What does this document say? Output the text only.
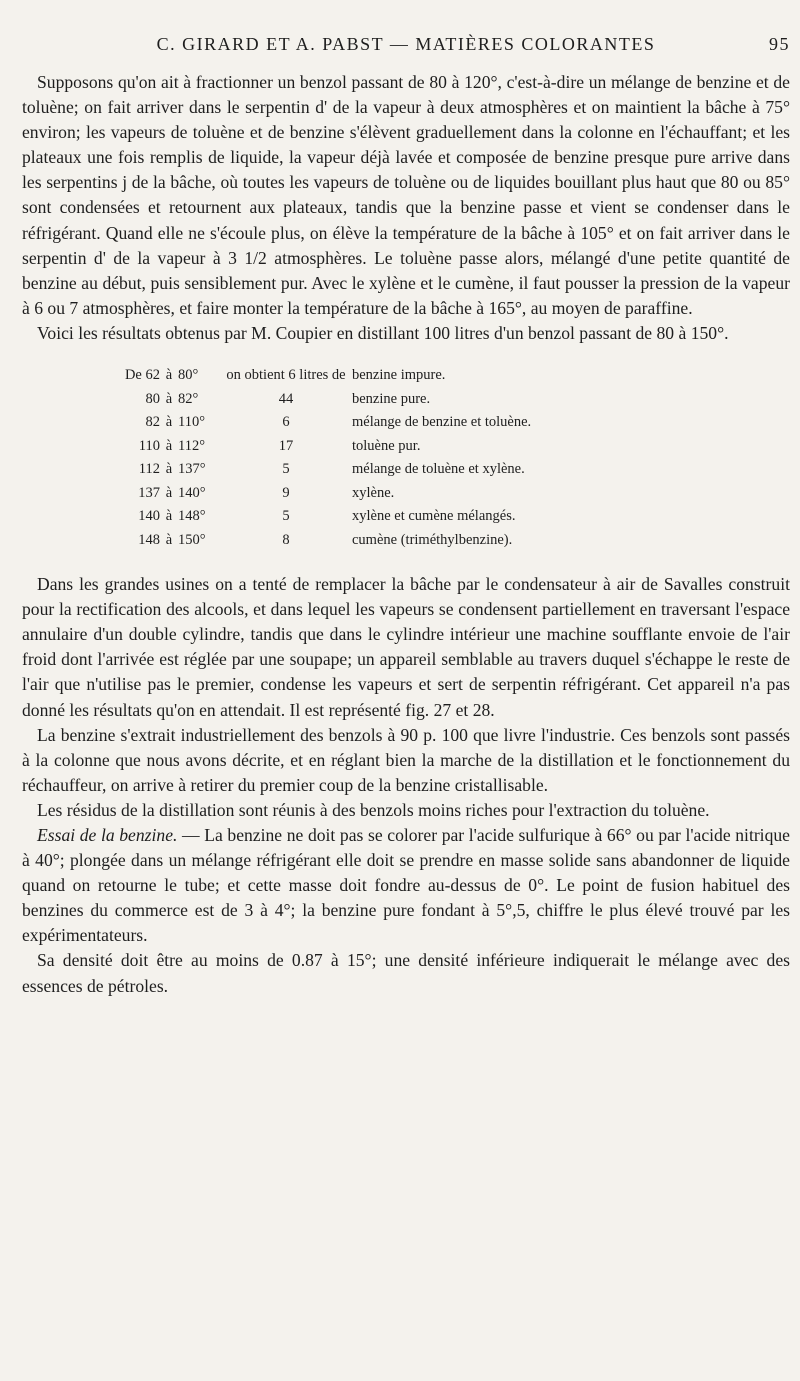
C. GIRARD ET A. PABST — MATIÈRES COLORANTES	95

Supposons qu'on ait à fractionner un benzol passant de 80 à 120°, c'est-à-dire un mélange de benzine et de toluène; on fait arriver dans le serpentin d' de la vapeur à deux atmosphères et on maintient la bâche à 75° environ; les vapeurs de toluène et de benzine s'élèvent graduellement dans la colonne en l'échauffant; et les plateaux une fois remplis de liquide, la vapeur déjà lavée et composée de benzine presque pure arrive dans les serpentins j de la bâche, où toutes les vapeurs de toluène ou de liquides bouillant plus haut que 80 ou 85° sont condensées et retournent aux plateaux, tandis que la benzine passe et vient se condenser dans le réfrigérant. Quand elle ne s'écoule plus, on élève la température de la bâche à 105° et on fait arriver dans le serpentin d' de la vapeur à 3 1/2 atmosphères. Le toluène passe alors, mélangé d'une petite quantité de benzine au début, puis sensiblement pur. Avec le xylène et le cumène, il faut pousser la pression de la vapeur à 6 ou 7 atmosphères, et faire monter la température de la bâche à 165°, au moyen de paraffine.

Voici les résultats obtenus par M. Coupier en distillant 100 litres d'un benzol passant de 80 à 150°.

De 62	à	80°	on obtient 6 litres de	benzine impure.
80	à	82°	44	benzine pure.
82	à	110°	6	mélange de benzine et toluène.
110	à	112°	17	toluène pur.
112	à	137°	5	mélange de toluène et xylène.
137	à	140°	9	xylène.
140	à	148°	5	xylène et cumène mélangés.
148	à	150°	8	cumène (triméthylbenzine).

Dans les grandes usines on a tenté de remplacer la bâche par le condensateur à air de Savalles construit pour la rectification des alcools, et dans lequel les vapeurs se condensent partiellement en traversant l'espace annulaire d'un double cylindre, tandis que dans le cylindre intérieur une machine soufflante envoie de l'air froid dont l'arrivée est réglée par une soupape; un appareil semblable au travers duquel s'échappe le reste de l'air que n'utilise pas le premier, condense les vapeurs et sert de serpentin réfrigérant. Cet appareil n'a pas donné les résultats qu'on en attendait. Il est représenté fig. 27 et 28.

La benzine s'extrait industriellement des benzols à 90 p. 100 que livre l'industrie. Ces benzols sont passés à la colonne que nous avons décrite, et en réglant bien la marche de la distillation et le fonctionnement du réchauffeur, on arrive à retirer du premier coup de la benzine cristallisable.

Les résidus de la distillation sont réunis à des benzols moins riches pour l'extraction du toluène.

Essai de la benzine. — La benzine ne doit pas se colorer par l'acide sulfurique à 66° ou par l'acide nitrique à 40°; plongée dans un mélange réfrigérant elle doit se prendre en masse solide sans abandonner de liquide quand on retourne le tube; et cette masse doit fondre au-dessus de 0°. Le point de fusion habituel des benzines du commerce est de 3 à 4°; la benzine pure fondant à 5°,5, chiffre le plus élevé trouvé par les expérimentateurs.

Sa densité doit être au moins de 0.87 à 15°; une densité inférieure indiquerait le mélange avec des essences de pétroles.
